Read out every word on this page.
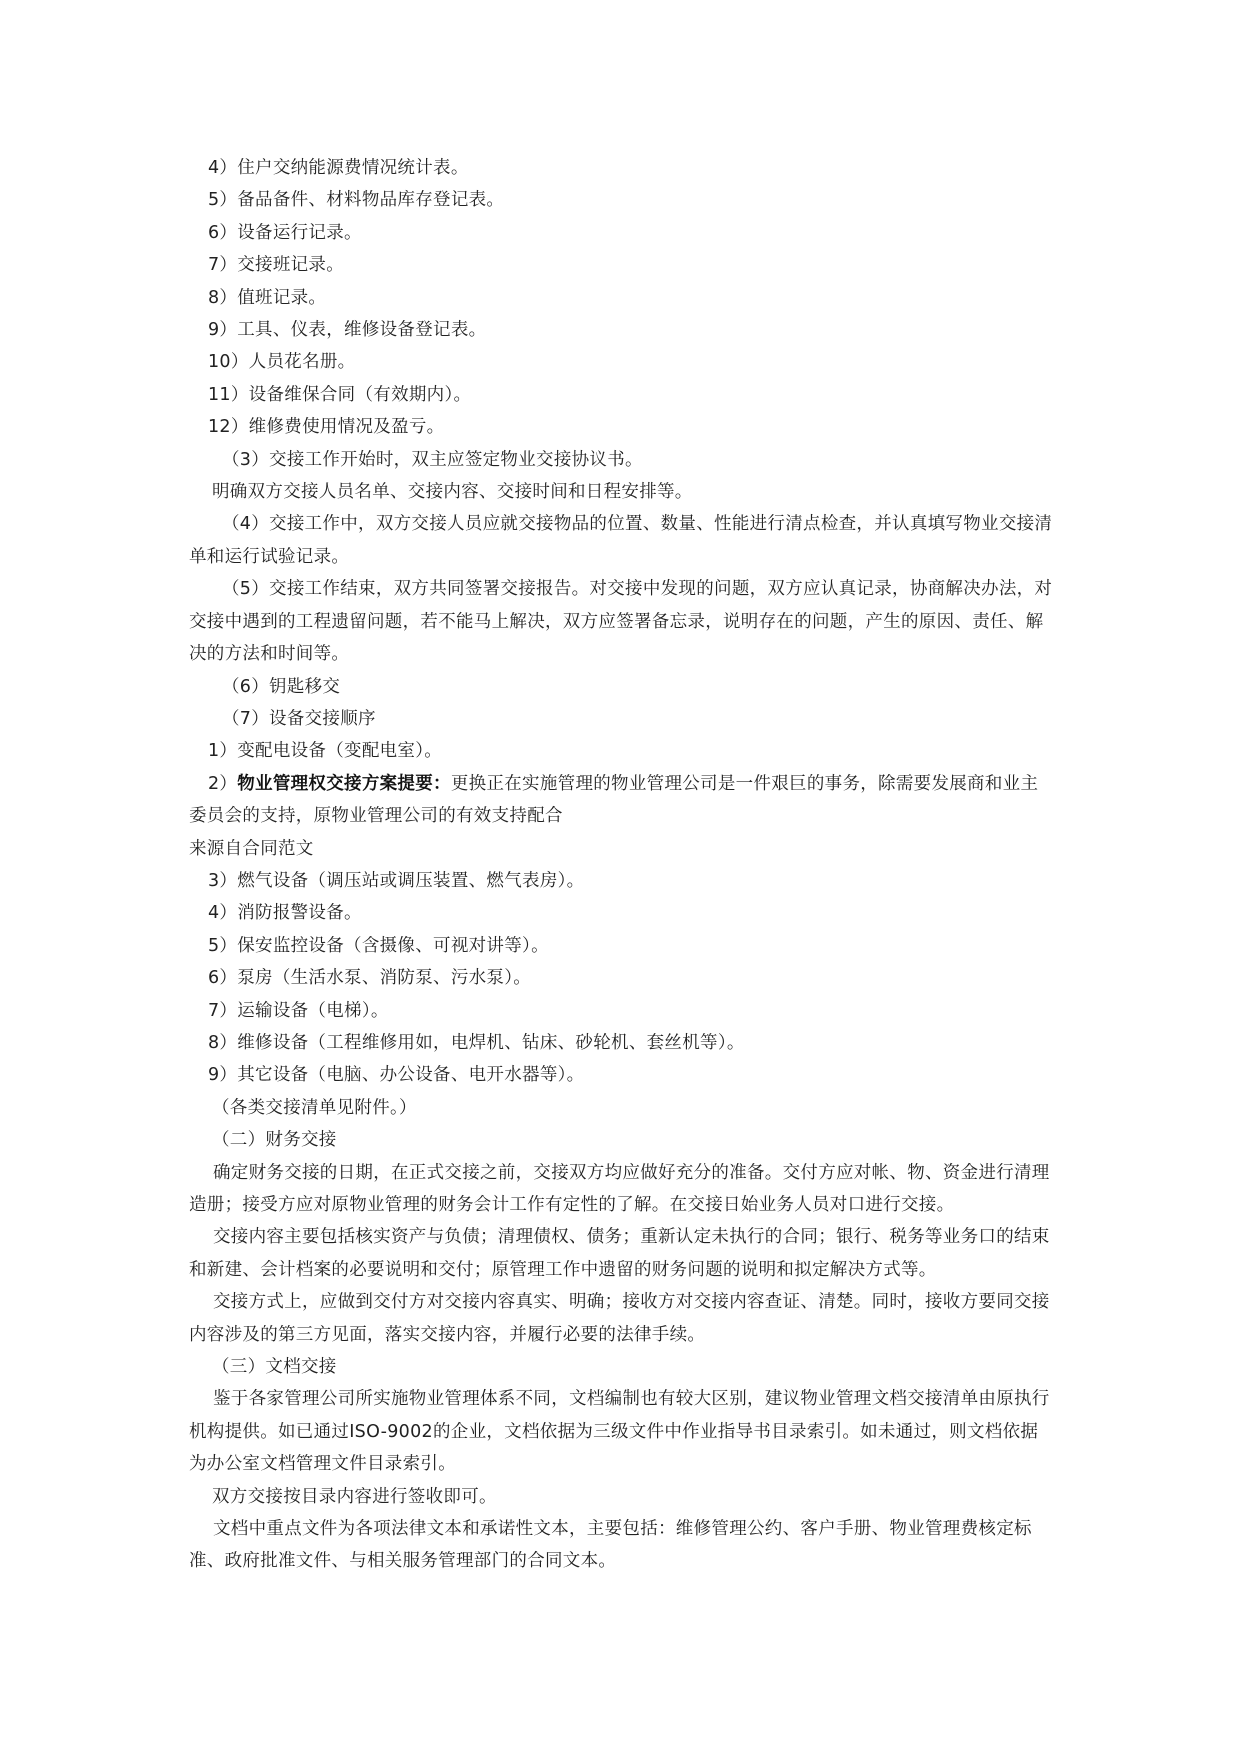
4）住户交纳能源费情况统计表。

5）备品备件、材料物品库存登记表。

6）设备运行记录。

7）交接班记录。

8）值班记录。

9）工具、仪表，维修设备登记表。

10）人员花名册。

11）设备维保合同（有效期内）。

12）维修费使用情况及盈亏。

（3）交接工作开始时，双主应签定物业交接协议书。

明确双方交接人员名单、交接内容、交接时间和日程安排等。

（4）交接工作中，双方交接人员应就交接物品的位置、数量、性能进行清点检查，并认真填写物业交接清单和运行试验记录。

（5）交接工作结束，双方共同签署交接报告。对交接中发现的问题，双方应认真记录，协商解决办法，对交接中遇到的工程遗留问题，若不能马上解决，双方应签署备忘录，说明存在的问题，产生的原因、责任、解决的方法和时间等。

（6）钥匙移交

（7）设备交接顺序

1）变配电设备（变配电室）。

2）物业管理权交接方案提要：更换正在实施管理的物业管理公司是一件艰巨的事务，除需要发展商和业主委员会的支持，原物业管理公司的有效支持配合

来源自合同范文

3）燃气设备（调压站或调压装置、燃气表房）。

4）消防报警设备。

5）保安监控设备（含摄像、可视对讲等）。

6）泵房（生活水泵、消防泵、污水泵）。

7）运输设备（电梯）。

8）维修设备（工程维修用如，电焊机、钻床、砂轮机、套丝机等）。

9）其它设备（电脑、办公设备、电开水器等）。

（各类交接清单见附件。）

（二）财务交接

确定财务交接的日期，在正式交接之前，交接双方均应做好充分的准备。交付方应对帐、物、资金进行清理造册；接受方应对原物业管理的财务会计工作有定性的了解。在交接日始业务人员对口进行交接。

交接内容主要包括核实资产与负债；清理债权、债务；重新认定未执行的合同；银行、税务等业务口的结束和新建、会计档案的必要说明和交付；原管理工作中遗留的财务问题的说明和拟定解决方式等。

交接方式上，应做到交付方对交接内容真实、明确；接收方对交接内容查证、清楚。同时，接收方要同交接内容涉及的第三方见面，落实交接内容，并履行必要的法律手续。

（三）文档交接

鉴于各家管理公司所实施物业管理体系不同，文档编制也有较大区别，建议物业管理文档交接清单由原执行机构提供。如已通过ISO-9002的企业，文档依据为三级文件中作业指导书目录索引。如未通过，则文档依据为办公室文档管理文件目录索引。

双方交接按目录内容进行签收即可。

文档中重点文件为各项法律文本和承诺性文本，主要包括：维修管理公约、客户手册、物业管理费核定标准、政府批准文件、与相关服务管理部门的合同文本。
